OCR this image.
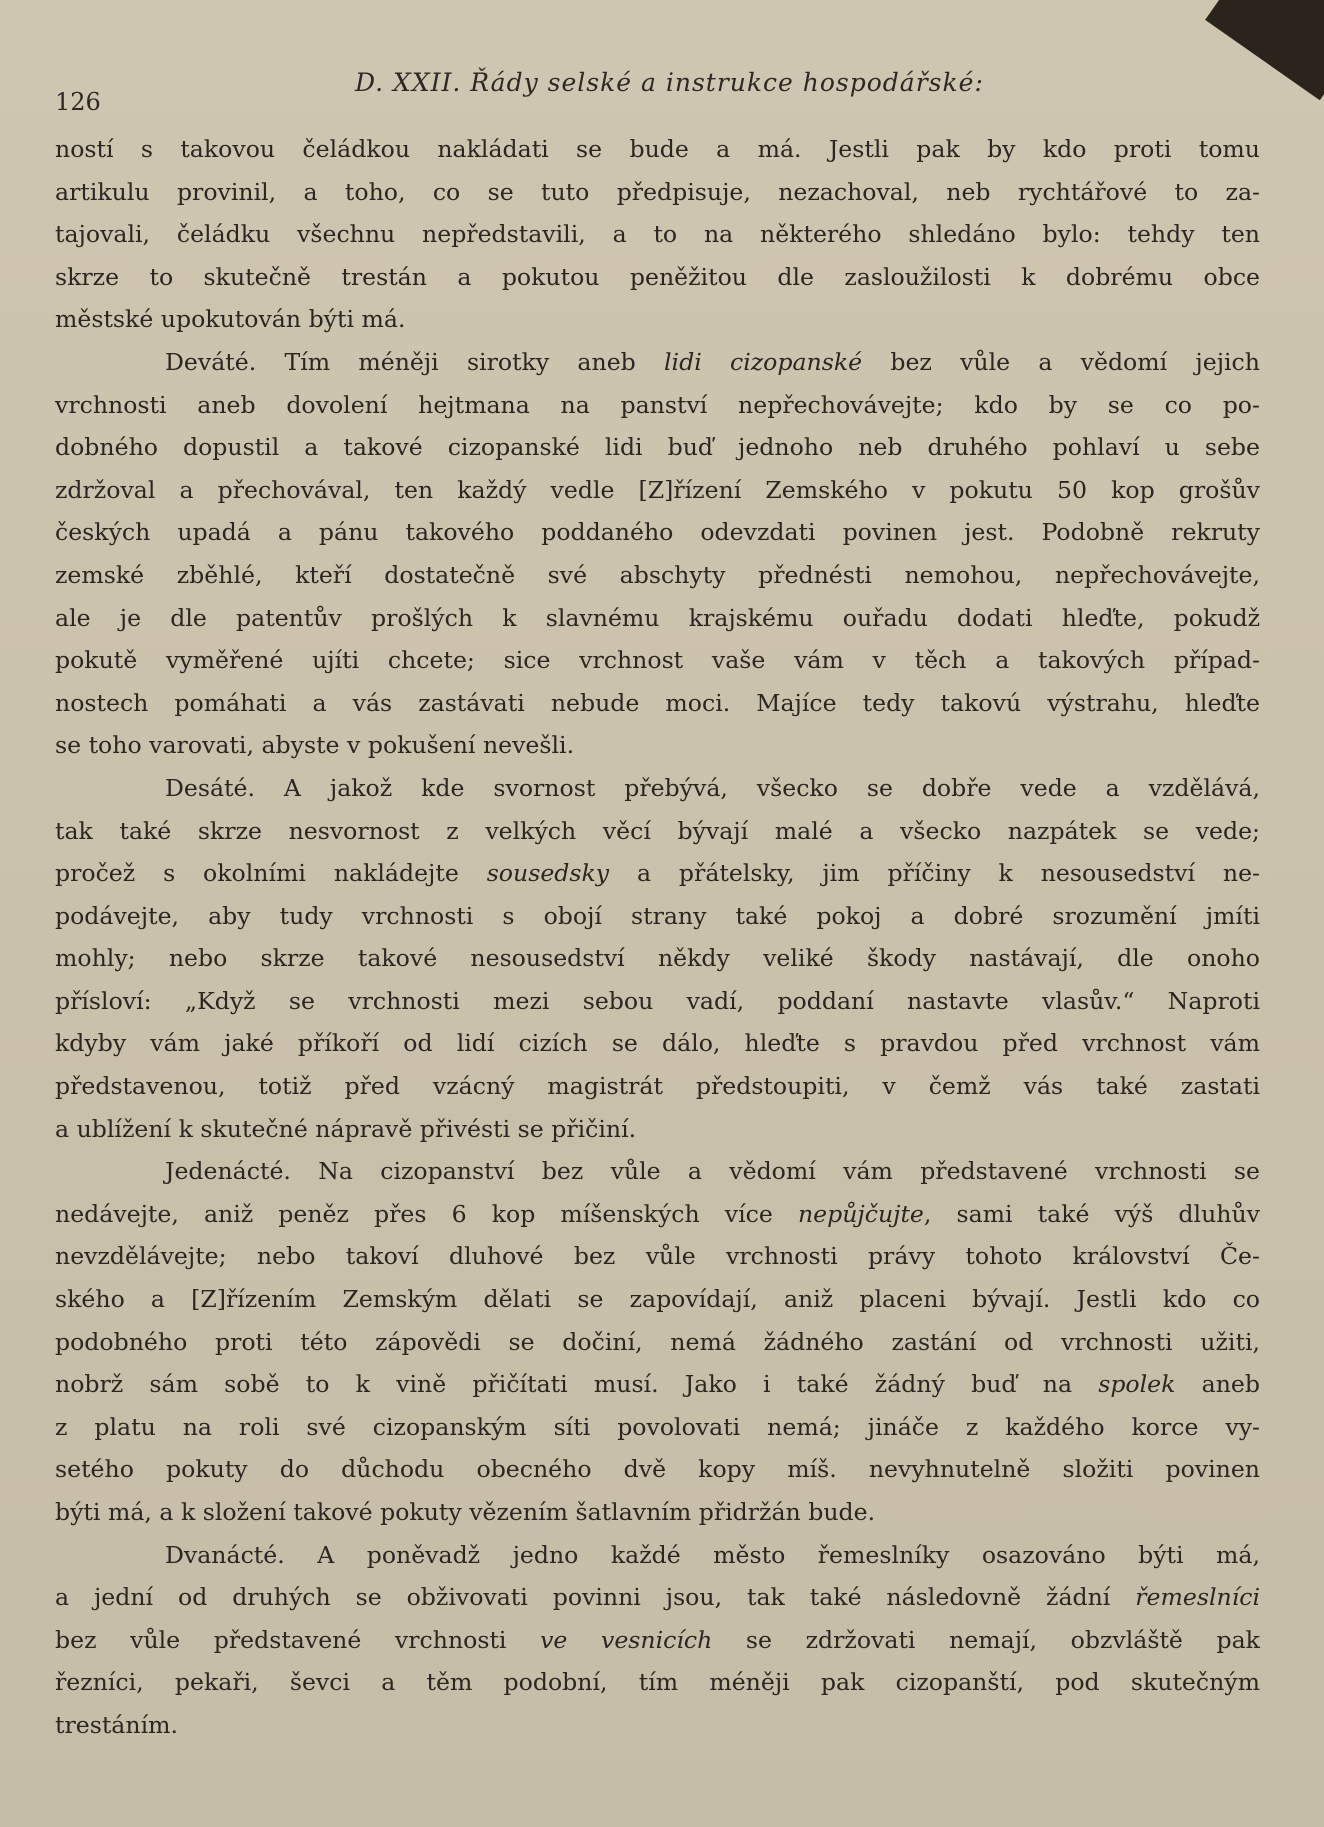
126
D. XXII. Řády selské a instrukce hospodářské:
ností s takovou čeládkou nakládati se bude a má. Jestli pak by kdo proti tomu
artikulu provinil, a toho, co se tuto předpisuje, nezachoval, neb rychtářové to za-
tajovali, čeládku všechnu nepředstavili, a to na některého shledáno bylo: tehdy ten
skrze to skutečně trestán a pokutou peněžitou dle zasloužilosti k dobrému obce
městské upokutován býti má.
Deváté. Tím méněji sirotky aneb lidi cizopanské bez vůle a vědomí jejich
vrchnosti aneb dovolení hejtmana na panství nepřechovávejte; kdo by se co po-
dobného dopustil a takové cizopanské lidi buď jednoho neb druhého pohlaví u sebe
zdržoval a přechovával, ten každý vedle [Z]řízení Zemského v pokutu 50 kop grošův
českých upadá a pánu takového poddaného odevzdati povinen jest. Podobně rekruty
zemské zběhlé, kteří dostatečně své abschyty přednésti nemohou, nepřechovávejte,
ale je dle patentův prošlých k slavnému krajskému ouřadu dodati hleďte, pokudž
pokutě vyměřené ujíti chcete; sice vrchnost vaše vám v těch a takových případ-
nostech pomáhati a vás zastávati nebude moci. Majíce tedy takovú výstrahu, hleďte
se toho varovati, abyste v pokušení nevešli.
Desáté. A jakož kde svornost přebývá, všecko se dobře vede a vzdělává,
tak také skrze nesvornost z velkých věcí bývají malé a všecko nazpátek se vede;
pročež s okolními nakládejte sousedsky a přátelsky, jim příčiny k nesousedství ne-
podávejte, aby tudy vrchnosti s obojí strany také pokoj a dobré srozumění jmíti
mohly; nebo skrze takové nesousedství někdy veliké škody nastávají, dle onoho
přísloví: „Když se vrchnosti mezi sebou vadí, poddaní nastavte vlasův.“ Naproti
kdyby vám jaké příkoří od lidí cizích se dálo, hleďte s pravdou před vrchnost vám
představenou, totiž před vzácný magistrát předstoupiti, v čemž vás také zastati
a ublížení k skutečné nápravě přivésti se přičiní.
Jedenácté. Na cizopanství bez vůle a vědomí vám představené vrchnosti se
nedávejte, aniž peněz přes 6 kop míšenských více nepůjčujte, sami také výš dluhův
nevzdělávejte; nebo takoví dluhové bez vůle vrchnosti právy tohoto království Če-
ského a [Z]řízením Zemským dělati se zapovídají, aniž placeni bývají. Jestli kdo co
podobného proti této zápovědi se dočiní, nemá žádného zastání od vrchnosti užiti,
nobrž sám sobě to k vině přičítati musí. Jako i také žádný buď na spolek aneb
z platu na roli své cizopanským síti povolovati nemá; jináče z každého korce vy-
setého pokuty do důchodu obecného dvě kopy míš. nevyhnutelně složiti povinen
býti má, a k složení takové pokuty vězením šatlavním přidržán bude.
Dvanácté. A poněvadž jedno každé město řemeslníky osazováno býti má,
a jední od druhých se obživovati povinni jsou, tak také následovně žádní řemeslníci
bez vůle představené vrchnosti ve vesnicích se zdržovati nemají, obzvláště pak
řezníci, pekaři, ševci a těm podobní, tím méněji pak cizopanští, pod skutečným
trestáním.
